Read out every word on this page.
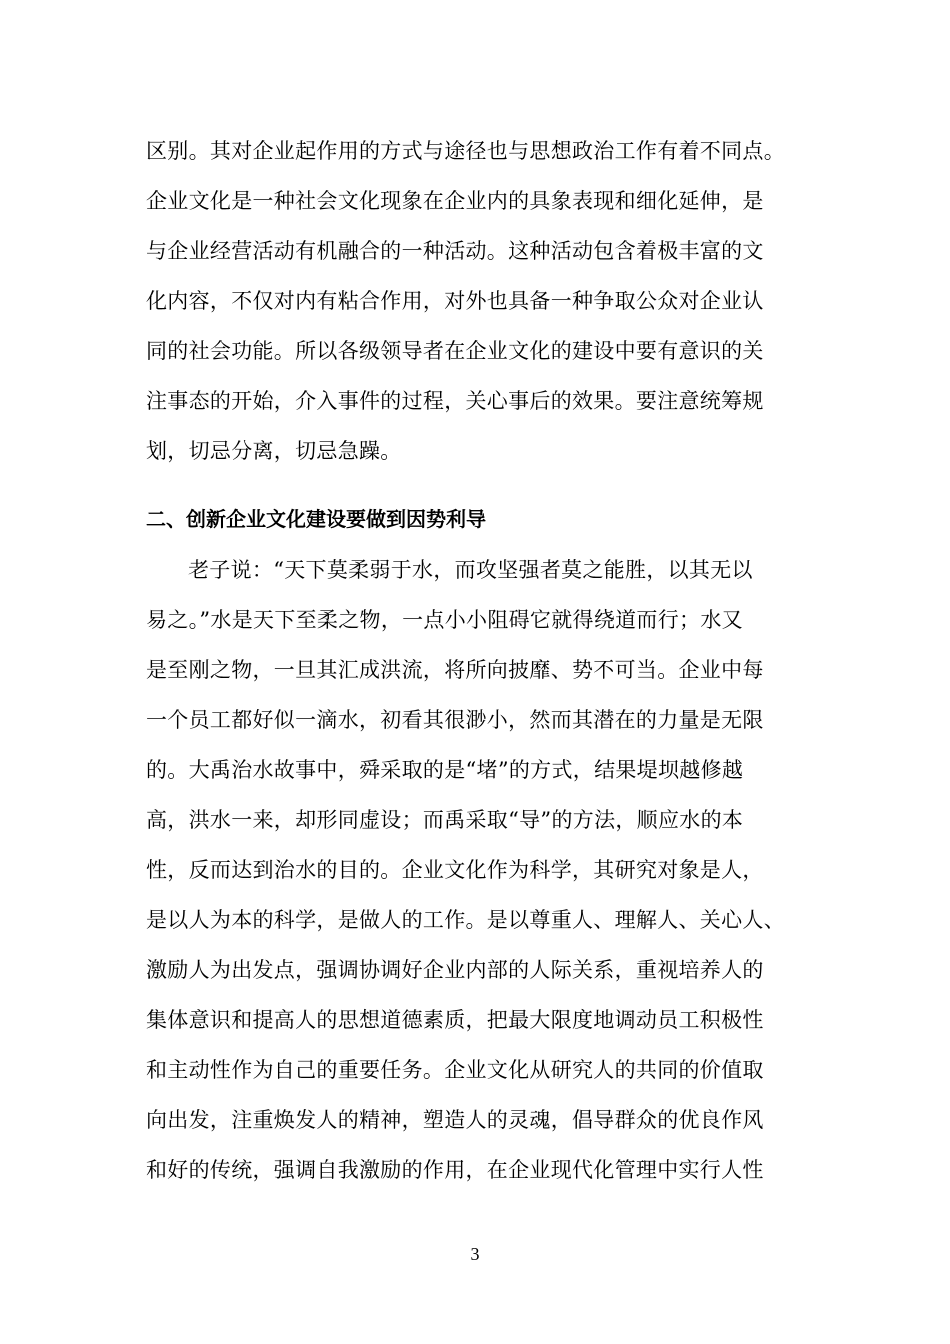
区别。其对企业起作用的方式与途径也与思想政治工作有着不同点。
企业文化是一种社会文化现象在企业内的具象表现和细化延伸，是
与企业经营活动有机融合的一种活动。这种活动包含着极丰富的文
化内容，不仅对内有粘合作用，对外也具备一种争取公众对企业认
同的社会功能。所以各级领导者在企业文化的建设中要有意识的关
注事态的开始，介入事件的过程，关心事后的效果。要注意统筹规
划，切忌分离，切忌急躁。
二、创新企业文化建设要做到因势利导
老子说：“天下莫柔弱于水，而攻坚强者莫之能胜，以其无以
易之。”水是天下至柔之物，一点小小阻碍它就得绕道而行；水又
是至刚之物，一旦其汇成洪流，将所向披靡、势不可当。企业中每
一个员工都好似一滴水，初看其很渺小，然而其潜在的力量是无限
的。大禹治水故事中，舜采取的是“堵”的方式，结果堤坝越修越
高，洪水一来，却形同虚设；而禹采取“导”的方法，顺应水的本
性，反而达到治水的目的。企业文化作为科学，其研究对象是人，
是以人为本的科学，是做人的工作。是以尊重人、理解人、关心人、
激励人为出发点，强调协调好企业内部的人际关系，重视培养人的
集体意识和提高人的思想道德素质，把最大限度地调动员工积极性
和主动性作为自己的重要任务。企业文化从研究人的共同的价值取
向出发，注重焕发人的精神，塑造人的灵魂，倡导群众的优良作风
和好的传统，强调自我激励的作用，在企业现代化管理中实行人性
3
